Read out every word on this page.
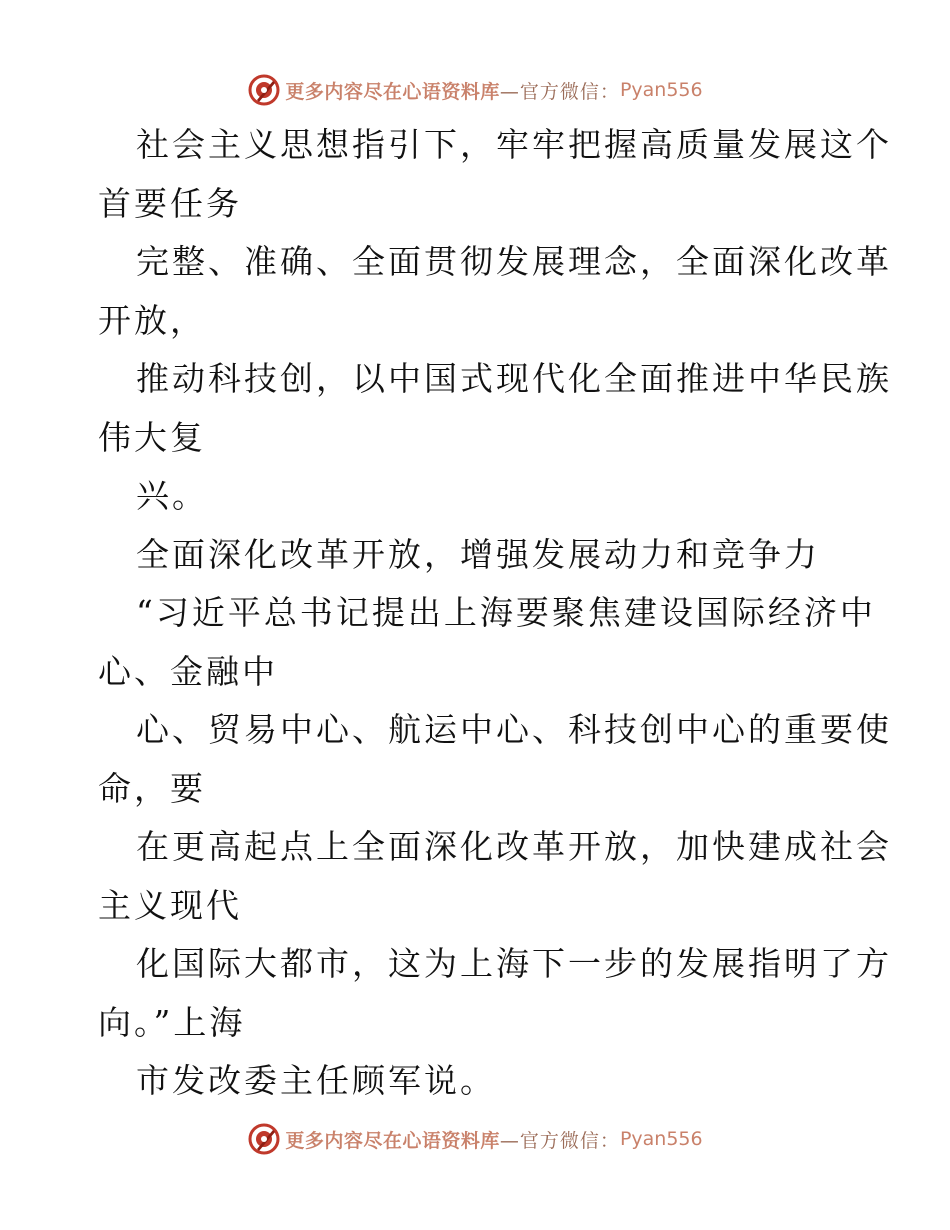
更多内容尽在心语资料库 —官方微信： Pyan556
社会主义思想指引下，牢牢把握高质量发展这个
首要任务
完整、准确、全面贯彻发展理念，全面深化改革
开放，
推动科技创，以中国式现代化全面推进中华民族
伟大复
兴。
全面深化改革开放，增强发展动力和竞争力
“习近平总书记提出上海要聚焦建设国际经济中
心、金融中
心、贸易中心、航运中心、科技创中心的重要使
命，要
在更高起点上全面深化改革开放，加快建成社会
主义现代
化国际大都市，这为上海下一步的发展指明了方
向。”上海
市发改委主任顾军说。
更多内容尽在心语资料库 —官方微信： Pyan556
